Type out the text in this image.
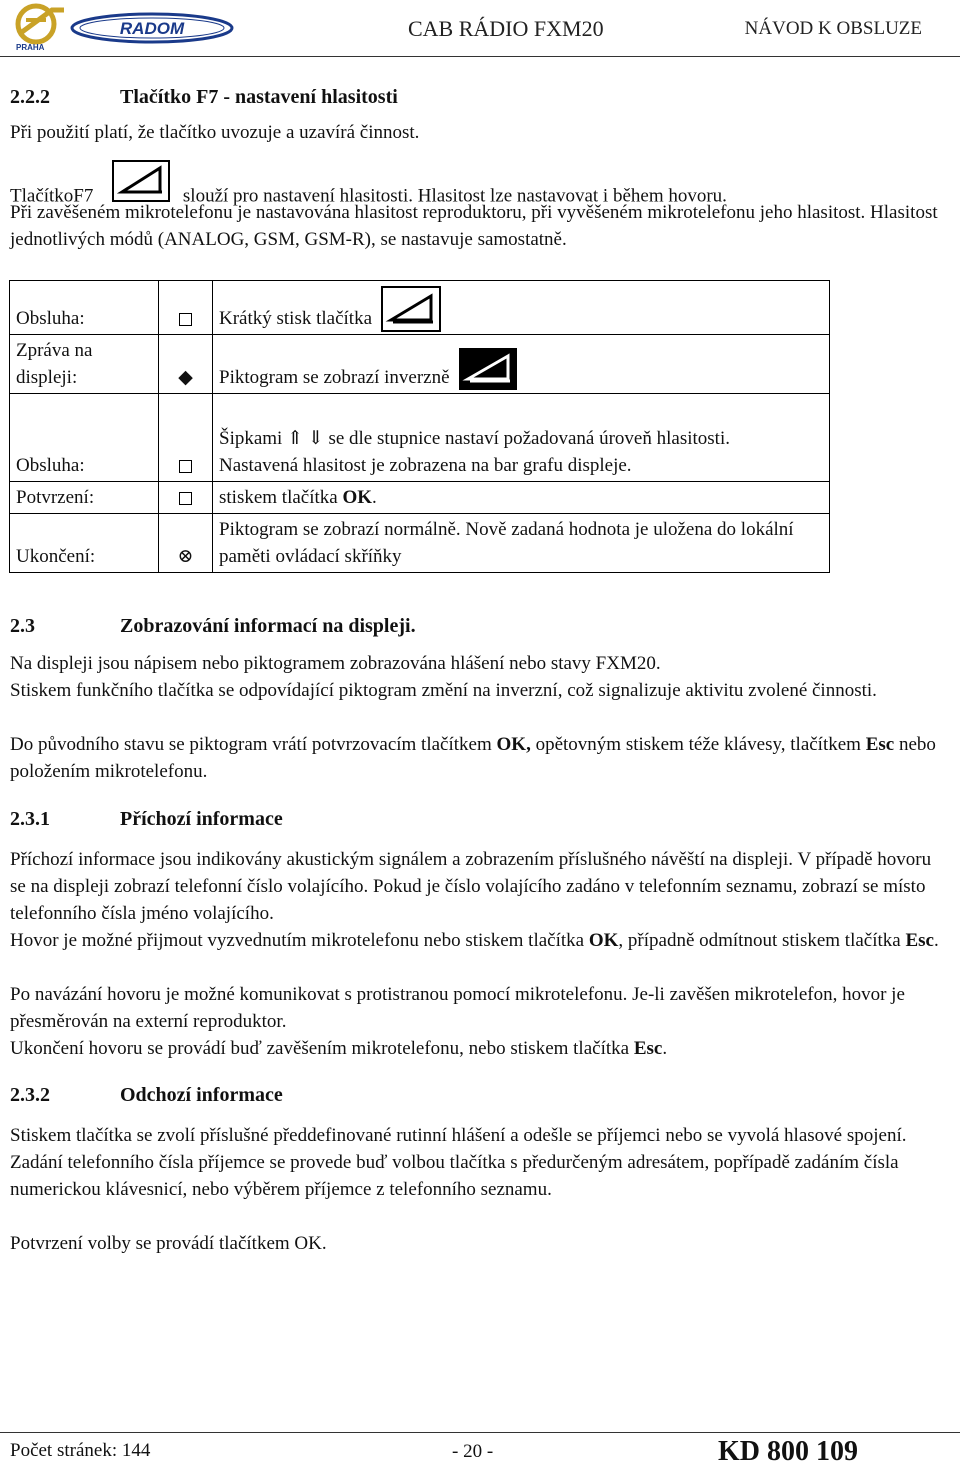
PRAHA
RADOM	CAB RÁDIO FXM20	NÁVOD K OBSLUZE
2.2.2	Tlačítko F7 - nastavení hlasitosti
Při použití platí, že tlačítko uvozuje a uzavírá činnost.
TlačítkoF7	slouží pro nastavení hlasitosti. Hlasitost lze nastavovat i během hovoru.
Při zavěšeném mikrotelefonu je nastavována hlasitost reproduktoru, při vyvěšeném mikrotelefonu jeho hlasitost. Hlasitost jednotlivých módů (ANALOG, GSM, GSM-R), se nastavuje samostatně.
Obsluha:		Krátký stisk tlačítka
Zpráva na displeji:	◆	Piktogram se zobrazí inverzně
Obsluha:		Šipkami ⇑ ⇓ se dle stupnice nastaví požadovaná úroveň hlasitosti.
Nastavená hlasitost je zobrazena na bar grafu displeje.

Potvrzení:		stiskem tlačítka OK.
Ukončení:	⊗	Piktogram se zobrazí normálně. Nově zadaná hodnota je uložena do lokální paměti ovládací skříňky
2.3	Zobrazování informací na displeji.
Na displeji jsou nápisem nebo piktogramem zobrazována hlášení nebo stavy FXM20.
Stiskem funkčního tlačítka se odpovídající piktogram změní na inverzní, což signalizuje aktivitu zvolené činnosti.
Do původního stavu se piktogram vrátí potvrzovacím tlačítkem OK, opětovným stiskem téže klávesy, tlačítkem Esc nebo položením mikrotelefonu.
2.3.1	Příchozí informace
Příchozí informace jsou indikovány akustickým signálem a zobrazením příslušného návěští na displeji. V případě hovoru se na displeji zobrazí telefonní číslo volajícího. Pokud je číslo volajícího zadáno v telefonním seznamu, zobrazí se místo telefonního čísla jméno volajícího.
Hovor je možné přijmout vyzvednutím mikrotelefonu nebo stiskem tlačítka OK, případně odmítnout stiskem tlačítka Esc.
Po navázání hovoru je možné komunikovat s protistranou pomocí mikrotelefonu. Je-li zavěšen mikrotelefon, hovor je přesměrován na externí reproduktor.
Ukončení hovoru se provádí buď zavěšením mikrotelefonu, nebo stiskem tlačítka Esc.
2.3.2	Odchozí informace
Stiskem tlačítka se zvolí příslušné předdefinované rutinní hlášení a odešle se příjemci nebo se vyvolá hlasové spojení. Zadání telefonního čísla příjemce se provede buď volbou tlačítka s předurčeným adresátem, popřípadě zadáním čísla numerickou klávesnicí, nebo výběrem příjemce z telefonního seznamu.
Potvrzení volby se provádí tlačítkem OK.
Počet stránek: 144	- 20 -	KD 800 109
